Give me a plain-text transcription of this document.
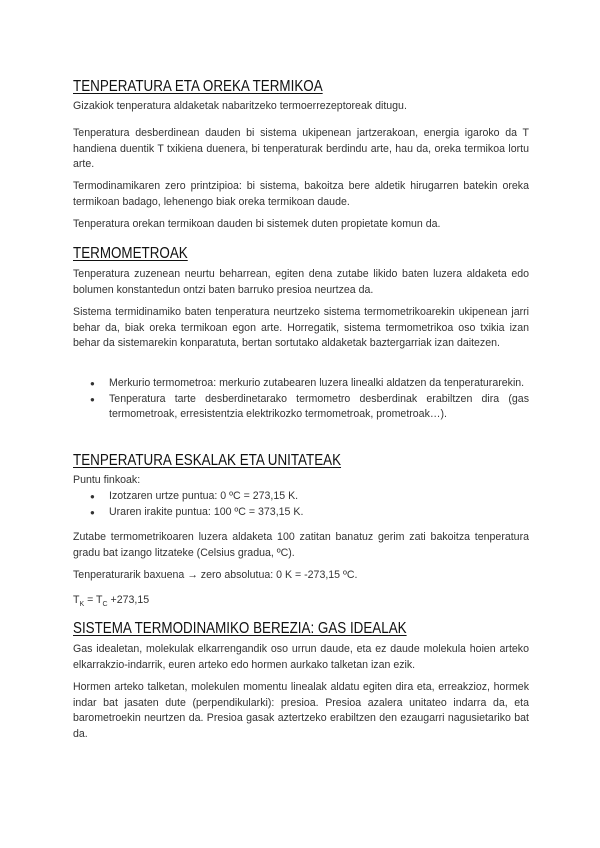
TENPERATURA ETA OREKA TERMIKOA

Gizakiok tenperatura aldaketak nabaritzeko termoerrezeptoreak ditugu.

Tenperatura desberdinean dauden bi sistema ukipenean jartzerakoan, energia igaroko da T handiena duentik T txikiena duenera, bi tenperaturak berdindu arte, hau da, oreka termikoa lortu arte.

Termodinamikaren zero printzipioa: bi sistema, bakoitza bere aldetik hirugarren batekin oreka termikoan badago, lehenengo biak oreka termikoan daude.

Tenperatura orekan termikoan dauden bi sistemek duten propietate komun da.

TERMOMETROAK

Tenperatura zuzenean neurtu beharrean, egiten dena zutabe likido baten luzera aldaketa edo bolumen konstantedun ontzi baten barruko presioa neurtzea da.

Sistema termidinamiko baten tenperatura neurtzeko sistema termometrikoarekin ukipenean jarri behar da, biak oreka termikoan egon arte. Horregatik, sistema termometrikoa oso txikia izan behar da sistemarekin konparatuta, bertan sortutako aldaketak baztergarriak izan daitezen.

● Merkurio termometroa: merkurio zutabearen luzera linealki aldatzen da tenperaturarekin.
● Tenperatura tarte desberdinetarako termometro desberdinak erabiltzen dira (gas termometroak, erresistentzia elektrikozko termometroak, prometroak…).
TENPERATURA ESKALAK ETA UNITATEAK

Puntu finkoak:

● Izotzaren urtze puntua: 0 ºC = 273,15 K.
● Uraren irakite puntua: 100 ºC = 373,15 K.

Zutabe termometrikoaren luzera aldaketa 100 zatitan banatuz gerim zati bakoitza tenperatura gradu bat izango litzateke (Celsius gradua, ºC).

Tenperaturarik baxuena → zero absolutua: 0 K = -273,15 ºC.

$T_K = T_C +273,15$

SISTEMA TERMODINAMIKO BEREZIA: GAS IDEALAK

Gas idealetan, molekulak elkarrengandik oso urrun daude, eta ez daude molekula hoien arteko elkarrakzio-indarrik, euren arteko edo hormen aurkako talketan izan ezik.

Hormen arteko talketan, molekulen momentu linealak aldatu egiten dira eta, erreakzioz, hormek indar bat jasaten dute (perpendikularki): presioa. Presioa azalera unitateo indarra da, eta barometroekin neurtzen da. Presioa gasak aztertzeko erabiltzen den ezaugarri nagusietariko bat da.
